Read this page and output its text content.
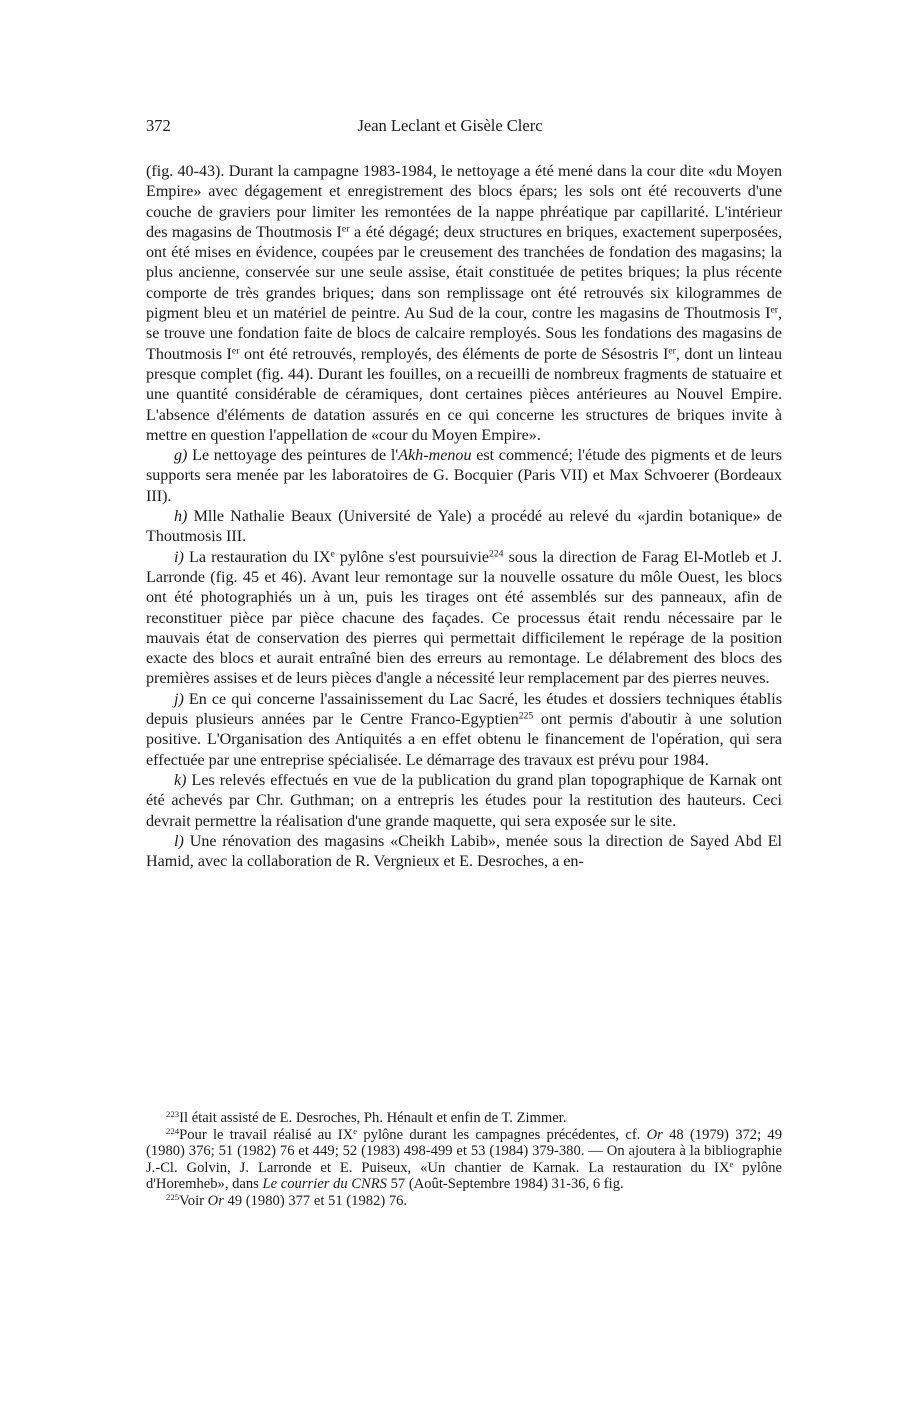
372	Jean Leclant et Gisèle Clerc

(fig. 40-43). Durant la campagne 1983-1984, le nettoyage a été mené dans la cour dite «du Moyen Empire» avec dégagement et enregistrement des blocs épars; les sols ont été recouverts d'une couche de graviers pour limiter les remontées de la nappe phréatique par capillarité. L'intérieur des magasins de Thoutmosis Ier a été dégagé; deux structures en briques, exactement superposées, ont été mises en évidence, coupées par le creusement des tranchées de fondation des magasins; la plus ancienne, conservée sur une seule assise, était constituée de petites briques; la plus récente comporte de très grandes briques; dans son remplissage ont été retrouvés six kilogrammes de pigment bleu et un matériel de peintre. Au Sud de la cour, contre les magasins de Thoutmosis Ier, se trouve une fondation faite de blocs de calcaire remployés. Sous les fondations des magasins de Thoutmosis Ier ont été retrouvés, remployés, des éléments de porte de Sésostris Ier, dont un linteau presque complet (fig. 44). Durant les fouilles, on a recueilli de nombreux fragments de statuaire et une quantité considérable de céramiques, dont certaines pièces antérieures au Nouvel Empire. L'absence d'éléments de datation assurés en ce qui concerne les structures de briques invite à mettre en question l'appellation de «cour du Moyen Empire».

g) Le nettoyage des peintures de l'Akh-menou est commencé; l'étude des pigments et de leurs supports sera menée par les laboratoires de G. Bocquier (Paris VII) et Max Schvoerer (Bordeaux III).

h) Mlle Nathalie Beaux (Université de Yale) a procédé au relevé du «jardin botanique» de Thoutmosis III.

i) La restauration du IXe pylône s'est poursuivie$^{224}$ sous la direction de Farag El-Motleb et J. Larronde (fig. 45 et 46). Avant leur remontage sur la nouvelle ossature du môle Ouest, les blocs ont été photographiés un à un, puis les tirages ont été assemblés sur des panneaux, afin de reconstituer pièce par pièce chacune des façades. Ce processus était rendu nécessaire par le mauvais état de conservation des pierres qui permettait difficilement le repérage de la position exacte des blocs et aurait entraîné bien des erreurs au remontage. Le délabrement des blocs des premières assises et de leurs pièces d'angle a nécessité leur remplacement par des pierres neuves.

j) En ce qui concerne l'assainissement du Lac Sacré, les études et dossiers techniques établis depuis plusieurs années par le Centre Franco-Egyptien$^{225}$ ont permis d'aboutir à une solution positive. L'Organisation des Antiquités a en effet obtenu le financement de l'opération, qui sera effectuée par une entreprise spécialisée. Le démarrage des travaux est prévu pour 1984.

k) Les relevés effectués en vue de la publication du grand plan topographique de Karnak ont été achevés par Chr. Guthman; on a entrepris les études pour la restitution des hauteurs. Ceci devrait permettre la réalisation d'une grande maquette, qui sera exposée sur le site.

l) Une rénovation des magasins «Cheikh Labib», menée sous la direction de Sayed Abd El Hamid, avec la collaboration de R. Vergnieux et E. Desroches, a en-

$^{223}$Il était assisté de E. Desroches, Ph. Hénault et enfin de T. Zimmer.

$^{224}$Pour le travail réalisé au IXe pylône durant les campagnes précédentes, cf. Or 48 (1979) 372; 49 (1980) 376; 51 (1982) 76 et 449; 52 (1983) 498-499 et 53 (1984) 379-380. — On ajoutera à la bibliographie J.-Cl. Golvin, J. Larronde et E. Puiseux, «Un chantier de Karnak. La restauration du IXe pylône d'Horemheb», dans Le courrier du CNRS 57 (Août-Septembre 1984) 31-36, 6 fig.

$^{225}$Voir Or 49 (1980) 377 et 51 (1982) 76.
